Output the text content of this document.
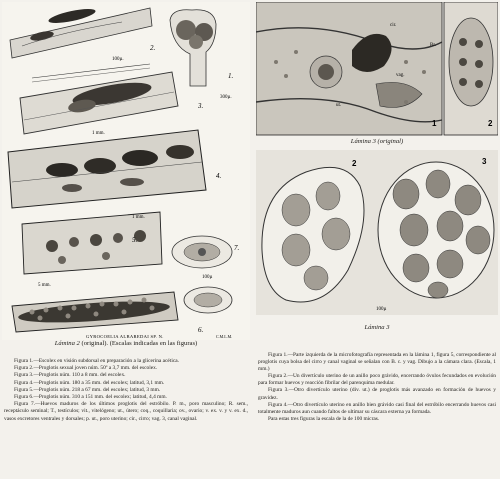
2.
1.
3.
4.
5.
7.
6.
100µ.
300µ.
1 mm.
1 mm.
5 mm.
100µ
GYROCOELIA ALBAREDAI SP. N.	C.M.L.M.
Lámina 2 (original). (Escalas indicadas en las figuras)

Figura 1.—Escolex en visión subdorsal en preparación a la glicerina acética.

Figura 2.—Proglotis sexual joven núm. 50º a 3,7 mm. del escolex.

Figura 3.—Proglotis núm. 110 a 8 mm. del escolex.

Figura 4.—Proglotis núm. 180 a 35 mm. del escolex; latitud, 3,1 mm.

Figura 5.—Proglotis núm. 218 a 67 mm. del escolex; latitud, 3 mm.

Figura 6.—Proglotis núm. 310 a 151 mm. del escolex; latitud, 4,4 mm.

Figura 7.—Huevos maduros de los últimos proglotis del estróbilo. P. m., poro masculino; R. sem., receptáculo seminal; T., testículos; vit., vitelógeno; ut., útero; coq., coquillaria; ov., ovario; v. ex. v. y v. ex. d., vasos excretores ventrales y dorsales; p. ut., poro uterino; cir., cirro; vag. 3, canal vaginal.

1	2
ut.
cir.
vag.
Br.
Lámina 3 (original)
2	3
100µ
Lámina 3

Figura 1.—Parte izquierda de la microfotografía representada en la lámina 1, figura 5, correspondiente al proglotis cuya bolsa del cirro y canal vaginal se señalan con B. c. y vag. Dibujo a la cámara clara. (Escala, 1 mm.)

Figura 2.—Un divertículo uterino de un anillo poco grávido, encerrando óvulos fecundados en evolución para formar huevos y reacción fibrilar del parenquima medular.

Figura 3.—Otro divertículo uterino (div. ut.) de proglotis más avanzado en formación de huevos y gravidez.

Figura 4.—Otro divertículo uterino en anillo bien grávido casi final del estróbilo encerrando huevos casi totalmente maduros aun cuando faltos de ultimar su cáscara externa ya formada.

Para estas tres figuras la escala de la de 100 micras.
